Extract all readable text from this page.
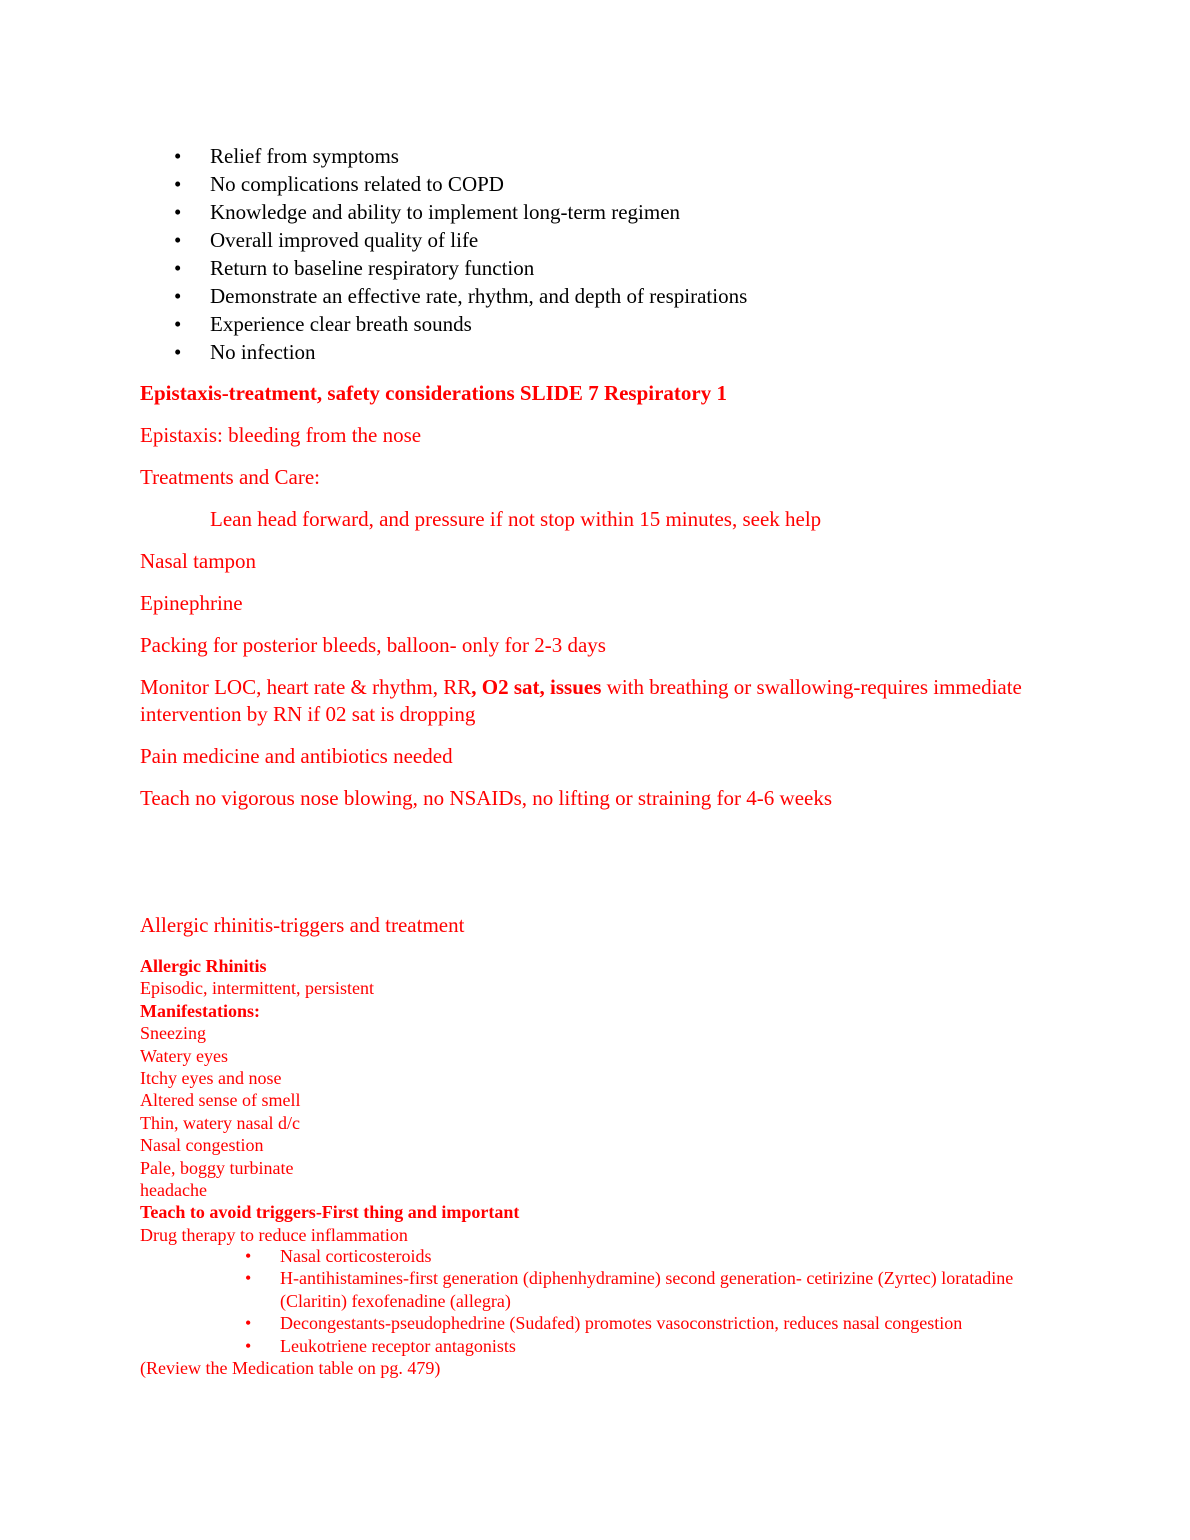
• Relief from symptoms
• No complications related to COPD
• Knowledge and ability to implement long-term regimen
• Overall improved quality of life
• Return to baseline respiratory function
• Demonstrate an effective rate, rhythm, and depth of respirations
• Experience clear breath sounds
• No infection
Epistaxis-treatment, safety considerations SLIDE 7 Respiratory 1
Epistaxis: bleeding from the nose
Treatments and Care:
Lean head forward, and pressure if not stop within 15 minutes, seek help
Nasal tampon
Epinephrine
Packing for posterior bleeds, balloon- only for 2-3 days
Monitor LOC, heart rate & rhythm, RR, O2 sat, issues with breathing or swallowing-requires immediate intervention by RN if 02 sat is dropping
Pain medicine and antibiotics needed
Teach no vigorous nose blowing, no NSAIDs, no lifting or straining for 4-6 weeks
Allergic rhinitis-triggers and treatment
Allergic Rhinitis
Episodic, intermittent, persistent
Manifestations:
Sneezing
Watery eyes
Itchy eyes and nose
Altered sense of smell
Thin, watery nasal d/c
Nasal congestion
Pale, boggy turbinate
headache
Teach to avoid triggers-First thing and important
Drug therapy to reduce inflammation
• Nasal corticosteroids
• H-antihistamines-first generation (diphenhydramine) second generation- cetirizine (Zyrtec) loratadine (Claritin) fexofenadine (allegra)
• Decongestants-pseudophedrine (Sudafed) promotes vasoconstriction, reduces nasal congestion
• Leukotriene receptor antagonists
(Review the Medication table on pg. 479)
